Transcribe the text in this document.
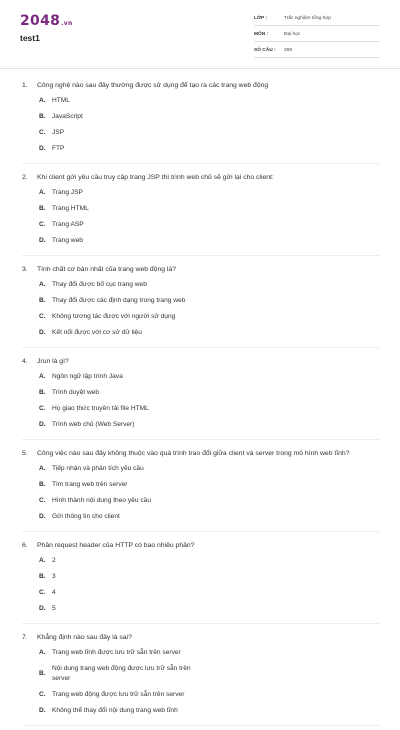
2048.vn
test1
LỚP :	Trắc nghiệm tổng hợp
MÔN :	Đại học
SỐ CÂU :	208
1.	Công nghệ nào sau đây thường được sử dụng để tạo ra các trang web động
A. HTML
B. JavaScript
C. JSP
D. FTP
2.	Khi client gửi yêu cầu truy cập trang JSP thì trình web chủ sẽ gửi lại cho client:
A. Trang JSP
B. Trang HTML
C. Trang ASP
D. Trang web
3.	Tính chất cơ bản nhất của trang web động là?
A. Thay đổi được bố cục trang web
B. Thay đổi được các định dạng trong trang web
C. Không tương tác được với người sử dụng
D. Kết nối được với cơ sở dữ liệu
4.	Jrun là gì?
A. Ngôn ngữ lập trình Java
B. Trình duyệt web
C. Họ giao thức truyền tải file HTML
D. Trình web chủ (Web Server)
5.	Công việc nào sau đây không thuộc vào quá trình trao đổi giữa client và server trong mô hình web tĩnh?
A. Tiếp nhận và phân tích yêu cầu
B. Tìm trang web trên server
C. Hình thành nội dung theo yêu cầu
D. Gửi thông tin cho client
6.	Phần request header của HTTP có bao nhiêu phần?
A. 2
B. 3
C. 4
D. 5
7.	Khẳng định nào sau đây là sai?
A. Trang web tĩnh được lưu trữ sẵn trên server
B.
Nội dung trang web động được lưu trữ sẵn trên server
C. Trang web động được lưu trữ sẵn trên server
D. Không thể thay đổi nội dung trang web tĩnh
